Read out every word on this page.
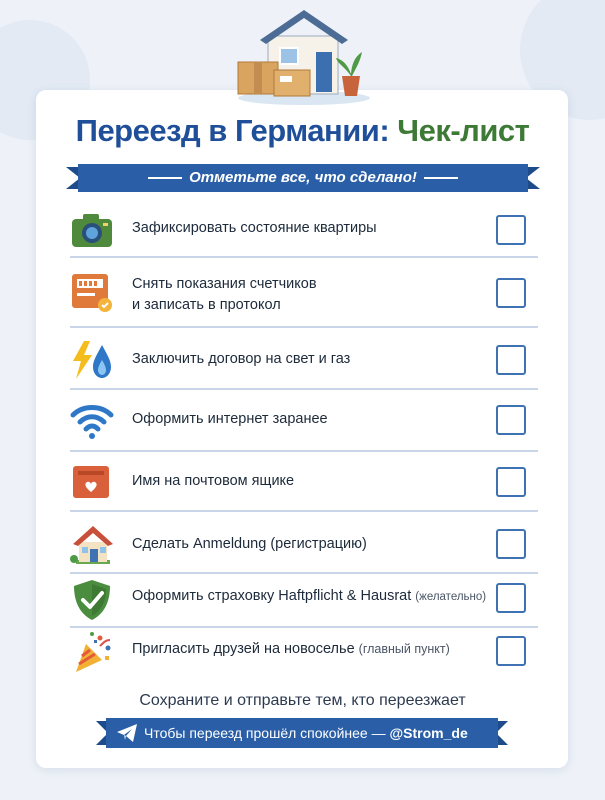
Переезд в Германии: Чек-лист
Отметьте все, что сделано!
Зафиксировать состояние квартиры
Снять показания счетчиков
и записать в протокол
Заключить договор на свет и газ
Оформить интернет заранее
Имя на почтовом ящике
Сделать Anmeldung (регистрацию)
Оформить страховку Haftpflicht & Hausrat (желательно)
Пригласить друзей на новоселье (главный пункт)
Сохраните и отправьте тем, кто переезжает
Чтобы переезд прошёл спокойнее — @Strom_de
